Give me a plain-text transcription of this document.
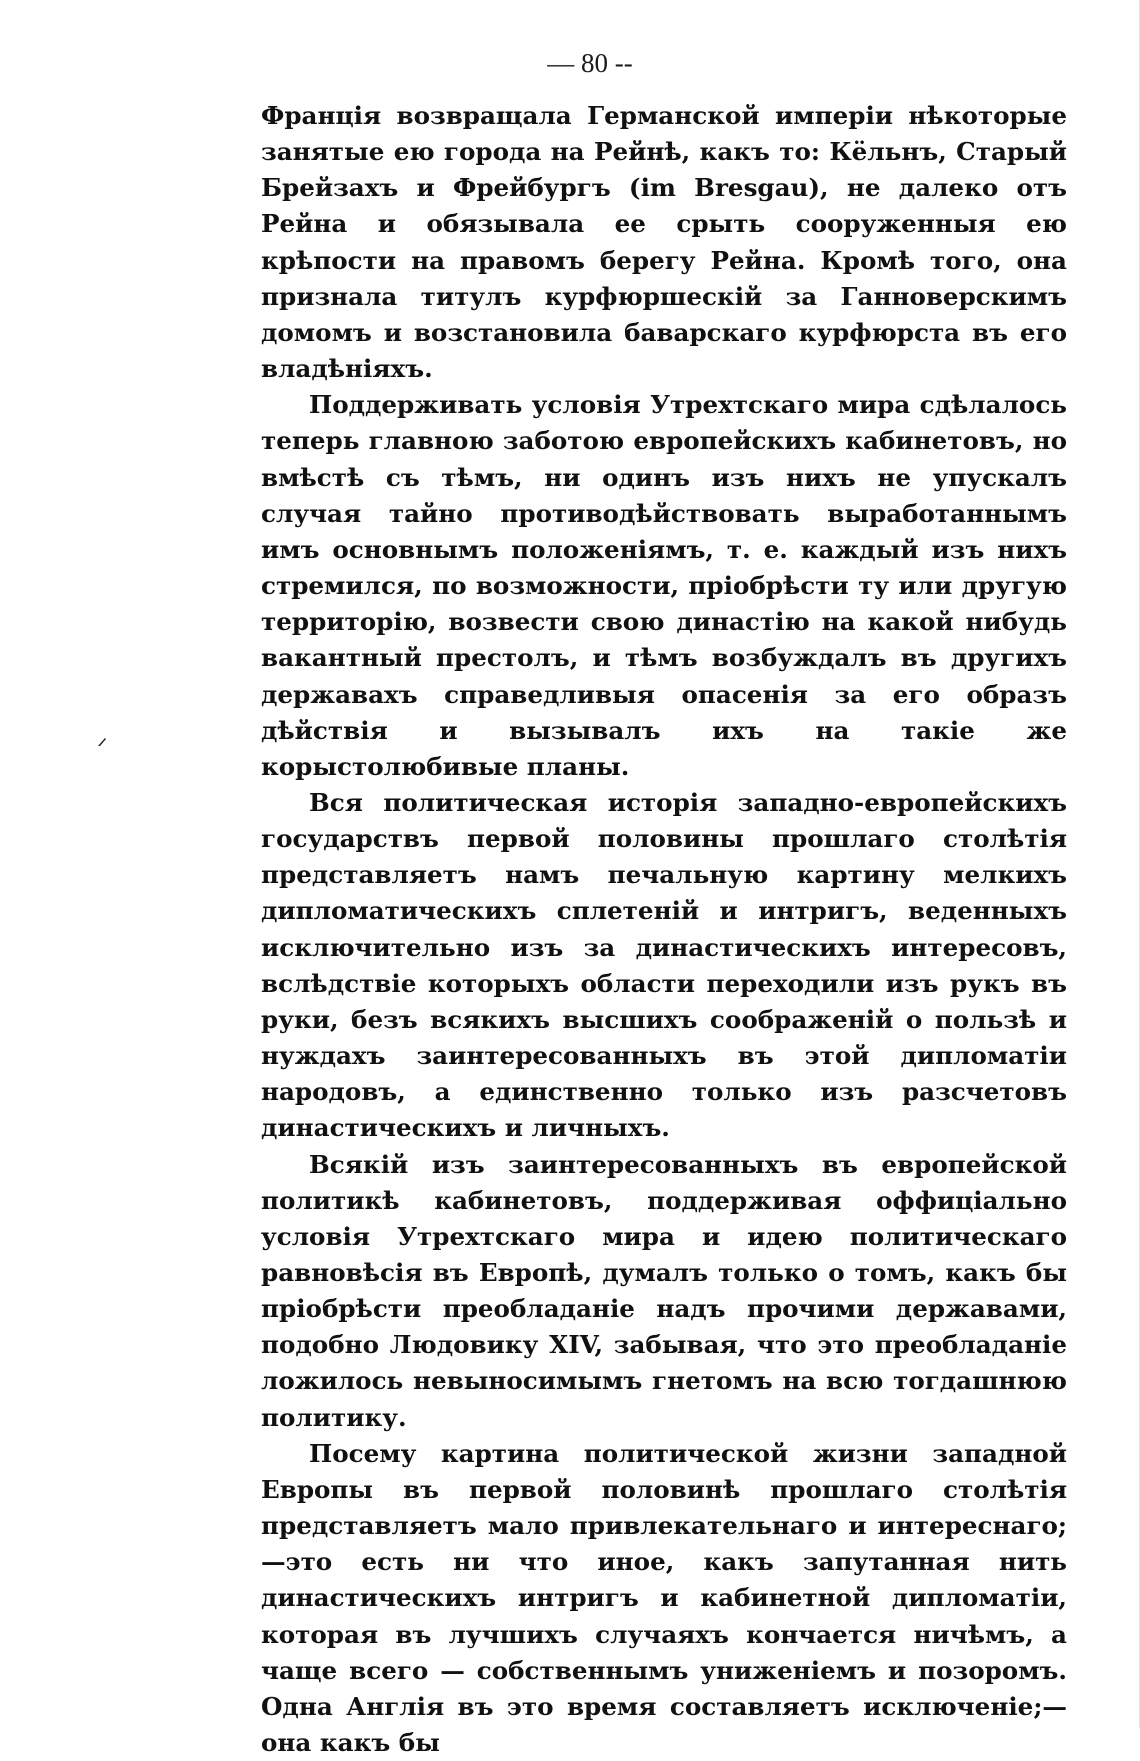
— 80 --

Франція возвращала Германской имперіи нѣкоторые занятые ею города на Рейнѣ, какъ то: Кёльнъ, Старый Брейзахъ и Фрейбургъ (im Bresgau), не далеко отъ Рейна и обязывала ее срыть сооруженныя ею крѣпости на правомъ берегу Рейна. Кромѣ того, она признала титулъ курфюршескій за Ганноверскимъ домомъ и возстановила баварскаго курфюрста въ его владѣніяхъ.

Поддерживать условія Утрехтскаго мира сдѣлалось теперь главною заботою европейскихъ кабинетовъ, но вмѣстѣ съ тѣмъ, ни одинъ изъ нихъ не упускалъ случая тайно противодѣйствовать выработаннымъ имъ основнымъ положеніямъ, т. е. каждый изъ нихъ стремился, по возможности, пріобрѣсти ту или другую территорію, возвести свою династію на какой нибудь вакантный престолъ, и тѣмъ возбуждалъ въ другихъ державахъ справедливыя опасенія за его образъ дѣйствія и вызывалъ ихъ на такіе же корыстолюбивые планы.

Вся политическая исторія западно-европейскихъ государствъ первой половины прошлаго столѣтія представляетъ намъ печальную картину мелкихъ дипломатическихъ сплетеній и интригъ, веденныхъ исключительно изъ за династическихъ интересовъ, вслѣдствіе которыхъ области переходили изъ рукъ въ руки, безъ всякихъ высшихъ соображеній о пользѣ и нуждахъ заинтересованныхъ въ этой дипломатіи народовъ, а единственно только изъ разсчетовъ династическихъ и личныхъ.

Всякій изъ заинтересованныхъ въ европейской политикѣ кабинетовъ, поддерживая оффиціально условія Утрехтскаго мира и идею политическаго равновѣсія въ Европѣ, думалъ только о томъ, какъ бы пріобрѣсти преобладаніе надъ прочими державами, подобно Людовику XIV, забывая, что это преобладаніе ложилось невыносимымъ гнетомъ на всю тогдашнюю политику.

Посему картина политической жизни западной Европы въ первой половинѣ прошлаго столѣтія представляетъ мало привлекательнаго и интереснаго;—это есть ни что иное, какъ запутанная нить династическихъ интригъ и кабинетной дипломатіи, которая въ лучшихъ случаяхъ кончается ничѣмъ, а чаще всего — собственнымъ униженіемъ и позоромъ. Одна Англія въ это время составляетъ исключеніе;—она какъ бы
